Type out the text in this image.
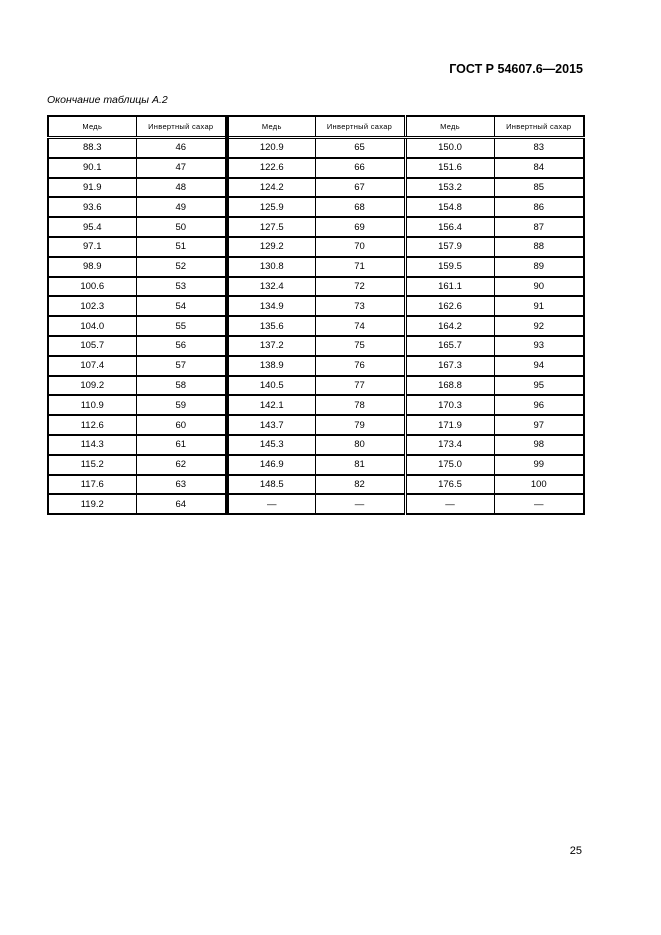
ГОСТ Р 54607.6—2015
Окончание таблицы А.2
Медь	Инвертный сахар	Медь	Инвертный сахар	Медь	Инвертный сахар
88.3	46	120.9	65	150.0	83
90.1	47	122.6	66	151.6	84
91.9	48	124.2	67	153.2	85
93.6	49	125.9	68	154.8	86
95.4	50	127.5	69	156.4	87
97.1	51	129.2	70	157.9	88
98.9	52	130.8	71	159.5	89
100.6	53	132.4	72	161.1	90
102.3	54	134.9	73	162.6	91
104.0	55	135.6	74	164.2	92
105.7	56	137.2	75	165.7	93
107.4	57	138.9	76	167.3	94
109.2	58	140.5	77	168.8	95
110.9	59	142.1	78	170.3	96
112.6	60	143.7	79	171.9	97
114.3	61	145.3	80	173.4	98
115.2	62	146.9	81	175.0	99
117.6	63	148.5	82	176.5	100
119.2	64	—	—	—	—
25
